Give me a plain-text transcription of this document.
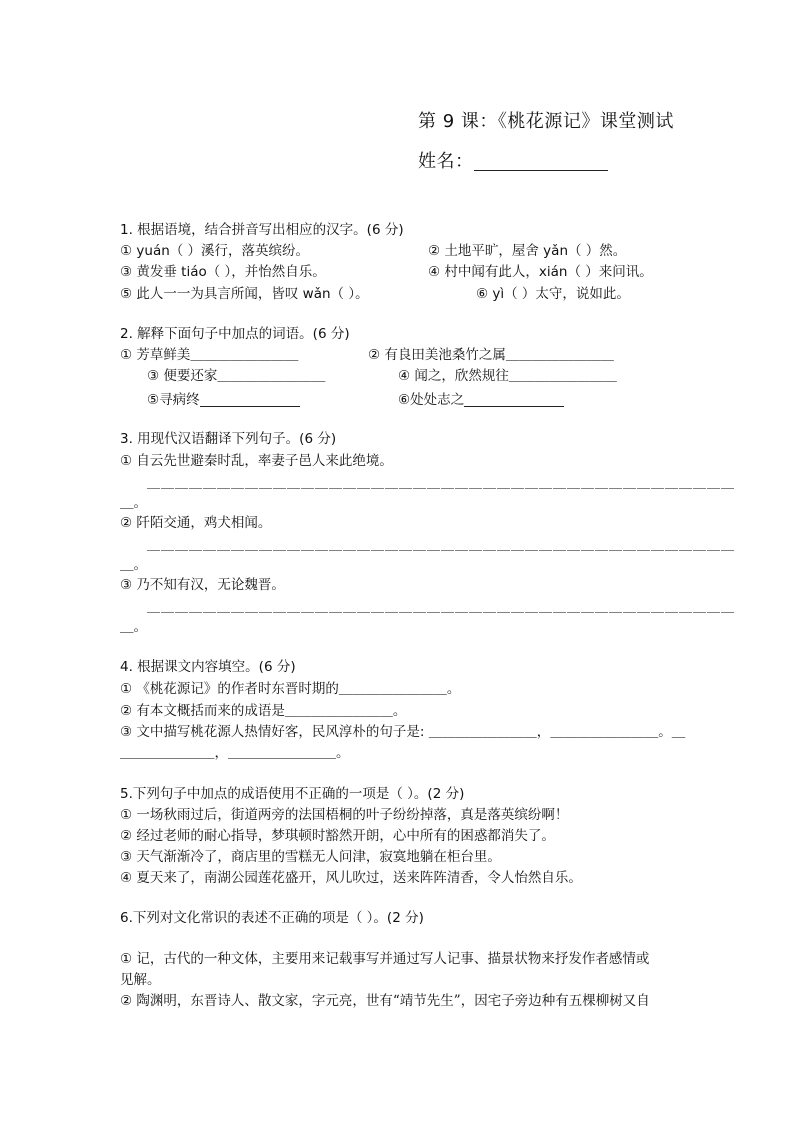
第 9 课：《桃花源记》课堂测试
姓名：
1. 根据语境，结合拼音写出相应的汉字。(6 分)
① yuán（ ）溪行，落英缤纷。	② 土地平旷，屋舍 yǎn（ ）然。
③ 黄发垂 tiáo（ ），并怡然自乐。	④ 村中闻有此人，xián（ ）来问讯。
⑤ 此人一一为具言所闻，皆叹 wǎn（ ）。	⑥ yì（ ）太守，说如此。
2. 解释下面句子中加点的词语。(6 分)
① 芳草鲜美＿＿＿＿＿＿＿＿	② 有良田美池桑竹之属＿＿＿＿＿＿＿＿
③ 便要还家＿＿＿＿＿＿＿＿	④ 闻之，欣然规往＿＿＿＿＿＿＿＿
⑤寻病终	⑥处处志之
3. 用现代汉语翻译下列句子。(6 分)
① 自云先世避秦时乱，率妻子邑人来此绝境。
＿＿＿＿＿＿＿＿＿＿＿＿＿＿＿＿＿＿＿＿＿＿＿＿＿＿＿＿＿＿＿＿＿＿＿＿＿＿＿＿＿＿
＿。
② 阡陌交通，鸡犬相闻。
＿＿＿＿＿＿＿＿＿＿＿＿＿＿＿＿＿＿＿＿＿＿＿＿＿＿＿＿＿＿＿＿＿＿＿＿＿＿＿＿＿＿
＿。
③ 乃不知有汉，无论魏晋。
＿＿＿＿＿＿＿＿＿＿＿＿＿＿＿＿＿＿＿＿＿＿＿＿＿＿＿＿＿＿＿＿＿＿＿＿＿＿＿＿＿＿
＿。
4. 根据课文内容填空。(6 分)
① 《桃花源记》的作者时东晋时期的＿＿＿＿＿＿＿＿。
② 有本文概括而来的成语是＿＿＿＿＿＿＿＿。
③ 文中描写桃花源人热情好客，民风淳朴的句子是: ＿＿＿＿＿＿＿＿，＿＿＿＿＿＿＿＿。＿
＿＿＿＿＿＿＿，＿＿＿＿＿＿＿＿。
5.下列句子中加点的成语使用不正确的一项是（ ）。(2 分)
① 一场秋雨过后，街道两旁的法国梧桐的叶子纷纷掉落，真是落英缤纷啊！
② 经过老师的耐心指导，梦琪顿时豁然开朗，心中所有的困惑都消失了。
③ 天气渐渐冷了，商店里的雪糕无人问津，寂寞地躺在柜台里。
④ 夏天来了，南湖公园莲花盛开，风儿吹过，送来阵阵清香，令人怡然自乐。
6.下列对文化常识的表述不正确的项是（ ）。(2 分)
① 记，古代的一种文体，主要用来记载事写并通过写人记事、描景状物来抒发作者感情或
见解。
② 陶渊明，东晋诗人、散文家，字元亮，世有“靖节先生”，因宅子旁边种有五棵柳树又自
